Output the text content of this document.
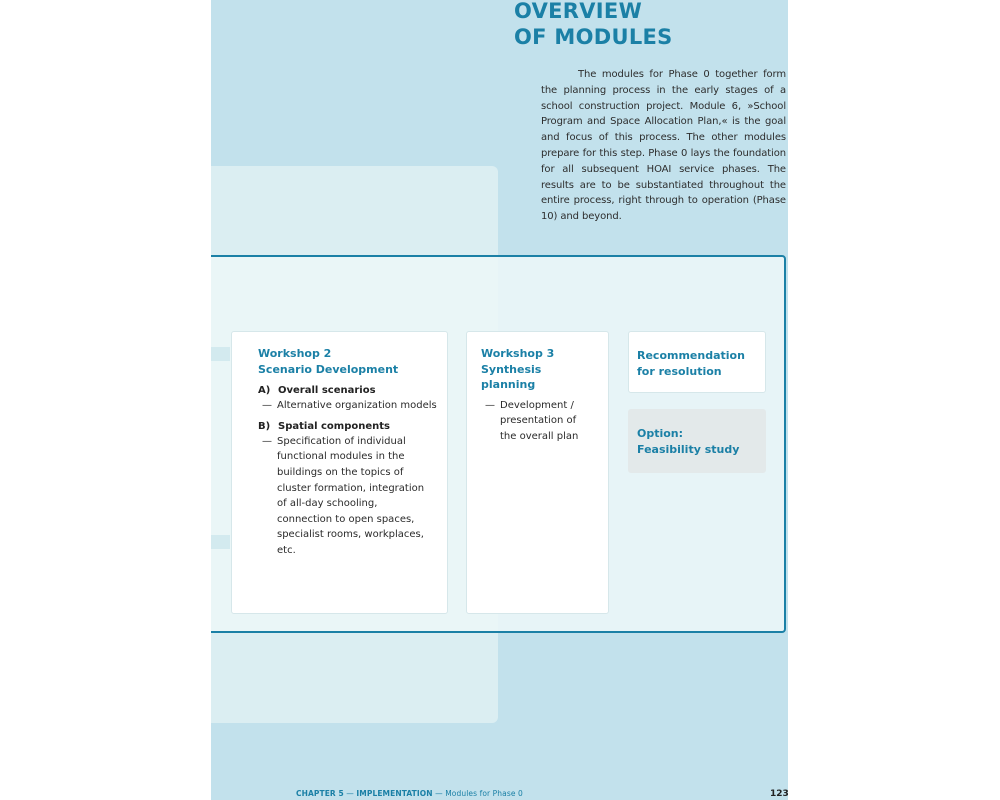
OVERVIEW
OF MODULES

The modules for Phase 0 together form the planning process in the early stages of a school construction project. Module 6, »School Program and Space Allocation Plan,« is the goal and focus of this process. The other modules prepare for this step. Phase 0 lays the foundation for all subsequent HOAI service phases. The results are to be substantiated throughout the entire process, right through to operation (Phase 10) and beyond.

Workshop 2
Scenario Development
A) Overall scenarios
— Alternative organization models
B) Spatial components
— Specification of individual functional modules in the buildings on the topics of cluster formation, integration of all-day schooling, connection to open spaces, specialist rooms, workplaces, etc.
Workshop 3
Synthesis planning
— Development / presentation of the overall plan
Recommendation
for resolution
Option:
Feasibility study
CHAPTER 5 — IMPLEMENTATION — Modules for Phase 0	123
